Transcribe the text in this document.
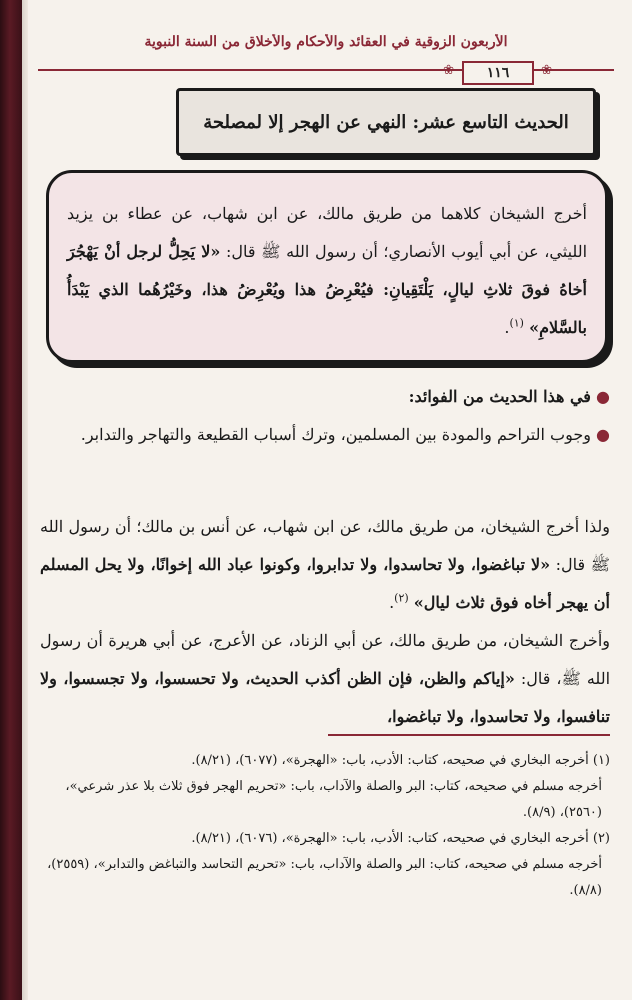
الأربعون الزوقية في العقائد والأحكام والأخلاق من السنة النبوية
❀	١١٦	❀
الحديث التاسع عشر: النهي عن الهجر إلا لمصلحة
أخرج الشيخان كلاهما من طريق مالك، عن ابن شهاب، عن عطاء بن يزيد الليثي، عن أبي أيوب الأنصاري؛ أن رسول الله ﷺ قال: «لا يَحِلُّ لرجل أنْ يَهْجُرَ أخاهُ فوقَ ثلاثِ ليالٍ، يَلْتَقِيانِ: فيُعْرِضُ هذا ويُعْرِضُ هذا، وخَيْرُهُما الذي يَبْدَأُ بالسَّلامِ» $^{(١)}$.
● في هذا الحديث من الفوائد:
● وجوب التراحم والمودة بين المسلمين، وترك أسباب القطيعة والتهاجر والتدابر.
ولذا أخرج الشيخان، من طريق مالك، عن ابن شهاب، عن أنس بن مالك؛ أن رسول الله ﷺ قال: «لا تباغضوا، ولا تحاسدوا، ولا تدابروا، وكونوا عباد الله إخوانًا، ولا يحل المسلم أن يهجر أخاه فوق ثلاث ليال» $^{(٢)}$.
وأخرج الشيخان، من طريق مالك، عن أبي الزناد، عن الأعرج، عن أبي هريرة أن رسول الله ﷺ، قال: «إياكم والظن، فإن الظن أكذب الحديث، ولا تحسسوا، ولا تجسسوا، ولا تنافسوا، ولا تحاسدوا، ولا تباغضوا،

(١) أخرجه البخاري في صحيحه، كتاب: الأدب، باب: «الهجرة»، (٦٠٧٧)، (٨/٢١).

أخرجه مسلم في صحيحه، كتاب: البر والصلة والآداب، باب: «تحريم الهجر فوق ثلاث بلا عذر شرعي»، (٢٥٦٠)، (٨/٩).

(٢) أخرجه البخاري في صحيحه، كتاب: الأدب، باب: «الهجرة»، (٦٠٧٦)، (٨/٢١).

أخرجه مسلم في صحيحه، كتاب: البر والصلة والآداب، باب: «تحريم التحاسد والتباغض والتدابر»، (٢٥٥٩)، (٨/٨).
